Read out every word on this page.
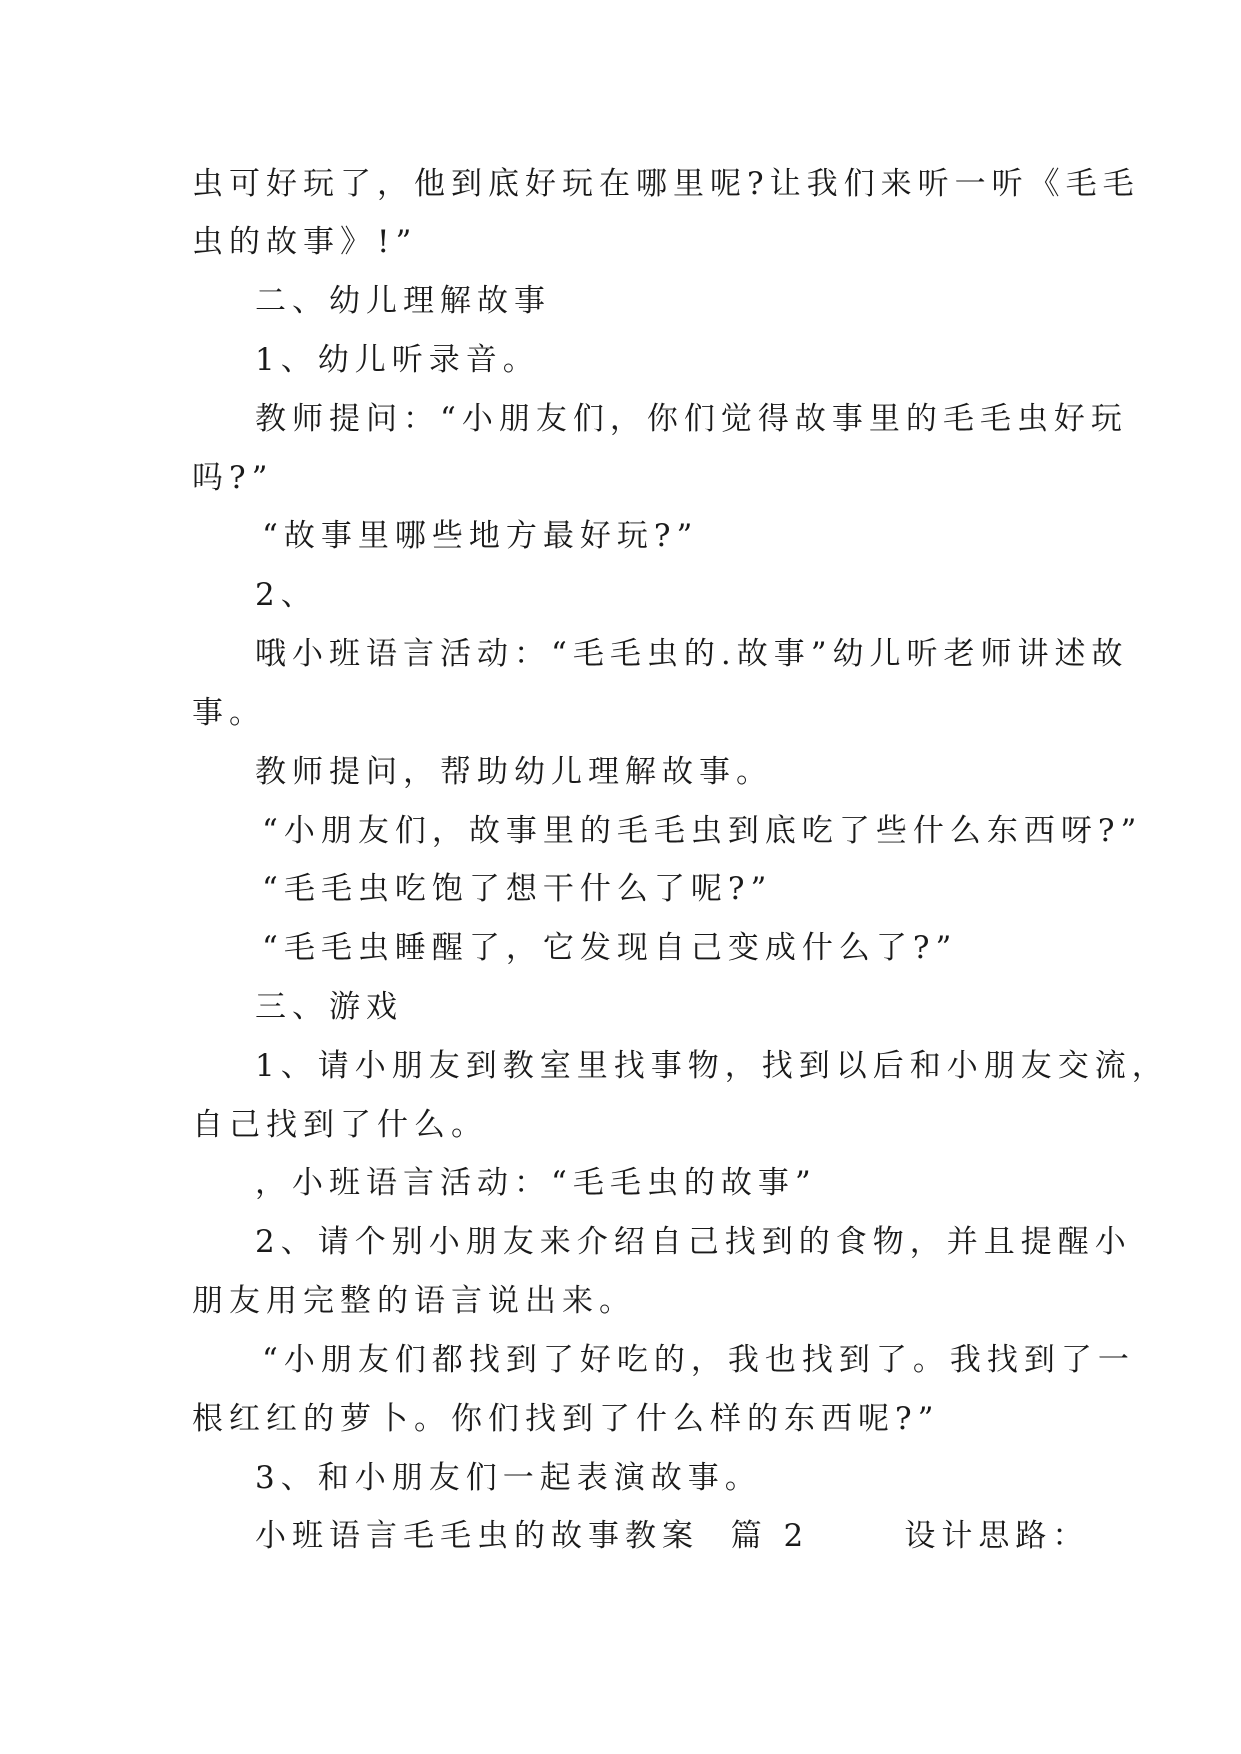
虫可好玩了，他到底好玩在哪里呢?让我们来听一听《毛毛
虫的故事》!”
二、幼儿理解故事
1、幼儿听录音。
教师提问：“小朋友们，你们觉得故事里的毛毛虫好玩
吗?”
“故事里哪些地方最好玩?”
2、
哦小班语言活动：“毛毛虫的.故事”幼儿听老师讲述故
事。
教师提问，帮助幼儿理解故事。
“小朋友们，故事里的毛毛虫到底吃了些什么东西呀?”
“毛毛虫吃饱了想干什么了呢?”
“毛毛虫睡醒了，它发现自己变成什么了?”
三、游戏
1、请小朋友到教室里找事物，找到以后和小朋友交流，
自己找到了什么。
，小班语言活动：“毛毛虫的故事”
2、请个别小朋友来介绍自己找到的食物，并且提醒小
朋友用完整的语言说出来。
“小朋友们都找到了好吃的，我也找到了。我找到了一
根红红的萝卜。你们找到了什么样的东西呢?”
3、和小朋友们一起表演故事。
小班语言毛毛虫的故事教案  篇 2      设计思路：
